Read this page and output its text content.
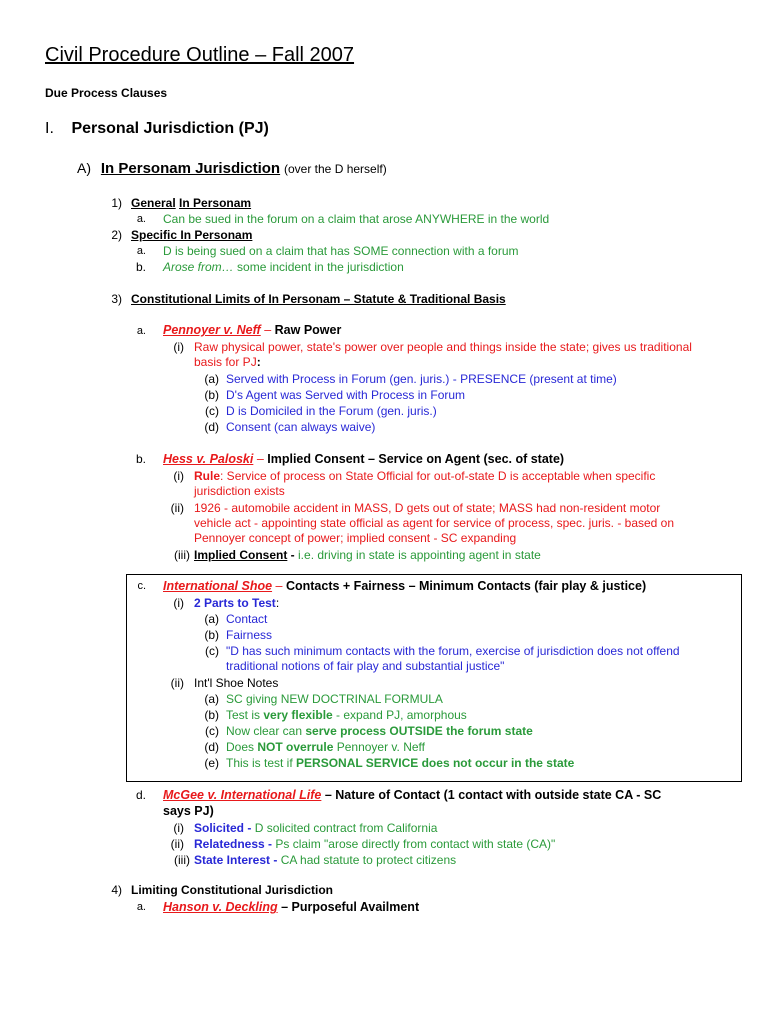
Civil Procedure Outline – Fall 2007
Due Process Clauses
I. Personal Jurisdiction (PJ)
A) In Personam Jurisdiction (over the D herself)
1) General In Personam
a. Can be sued in the forum on a claim that arose ANYWHERE in the world
2) Specific In Personam
a. D is being sued on a claim that has SOME connection with a forum
b. Arose from… some incident in the jurisdiction
3) Constitutional Limits of In Personam – Statute & Traditional Basis
a. Pennoyer v. Neff – Raw Power
(i) Raw physical power, state's power over people and things inside the state; gives us traditional
basis for PJ:
(a) Served with Process in Forum (gen. juris.) - PRESENCE (present at time)
(b) D's Agent was Served with Process in Forum
(c) D is Domiciled in the Forum (gen. juris.)
(d) Consent (can always waive)
b. Hess v. Paloski – Implied Consent – Service on Agent (sec. of state)
(i) Rule: Service of process on State Official for out-of-state D is acceptable when specific
jurisdiction exists
(ii) 1926 - automobile accident in MASS, D gets out of state; MASS had non-resident motor
vehicle act - appointing state official as agent for service of process, spec. juris. - based on
Pennoyer concept of power; implied consent - SC expanding
(iii) Implied Consent - i.e. driving in state is appointing agent in state
c. International Shoe – Contacts + Fairness – Minimum Contacts (fair play & justice)
(i) 2 Parts to Test:
(a) Contact
(b) Fairness
(c) "D has such minimum contacts with the forum, exercise of jurisdiction does not offend
traditional notions of fair play and substantial justice"
(ii) Int'l Shoe Notes
(a) SC giving NEW DOCTRINAL FORMULA
(b) Test is very flexible - expand PJ, amorphous
(c) Now clear can serve process OUTSIDE the forum state
(d) Does NOT overrule Pennoyer v. Neff
(e) This is test if PERSONAL SERVICE does not occur in the state
d. McGee v. International Life – Nature of Contact (1 contact with outside state CA - SC
says PJ)
(i) Solicited - D solicited contract from California
(ii) Relatedness - Ps claim "arose directly from contact with state (CA)"
(iii) State Interest - CA had statute to protect citizens
4) Limiting Constitutional Jurisdiction
a. Hanson v. Deckling – Purposeful Availment
